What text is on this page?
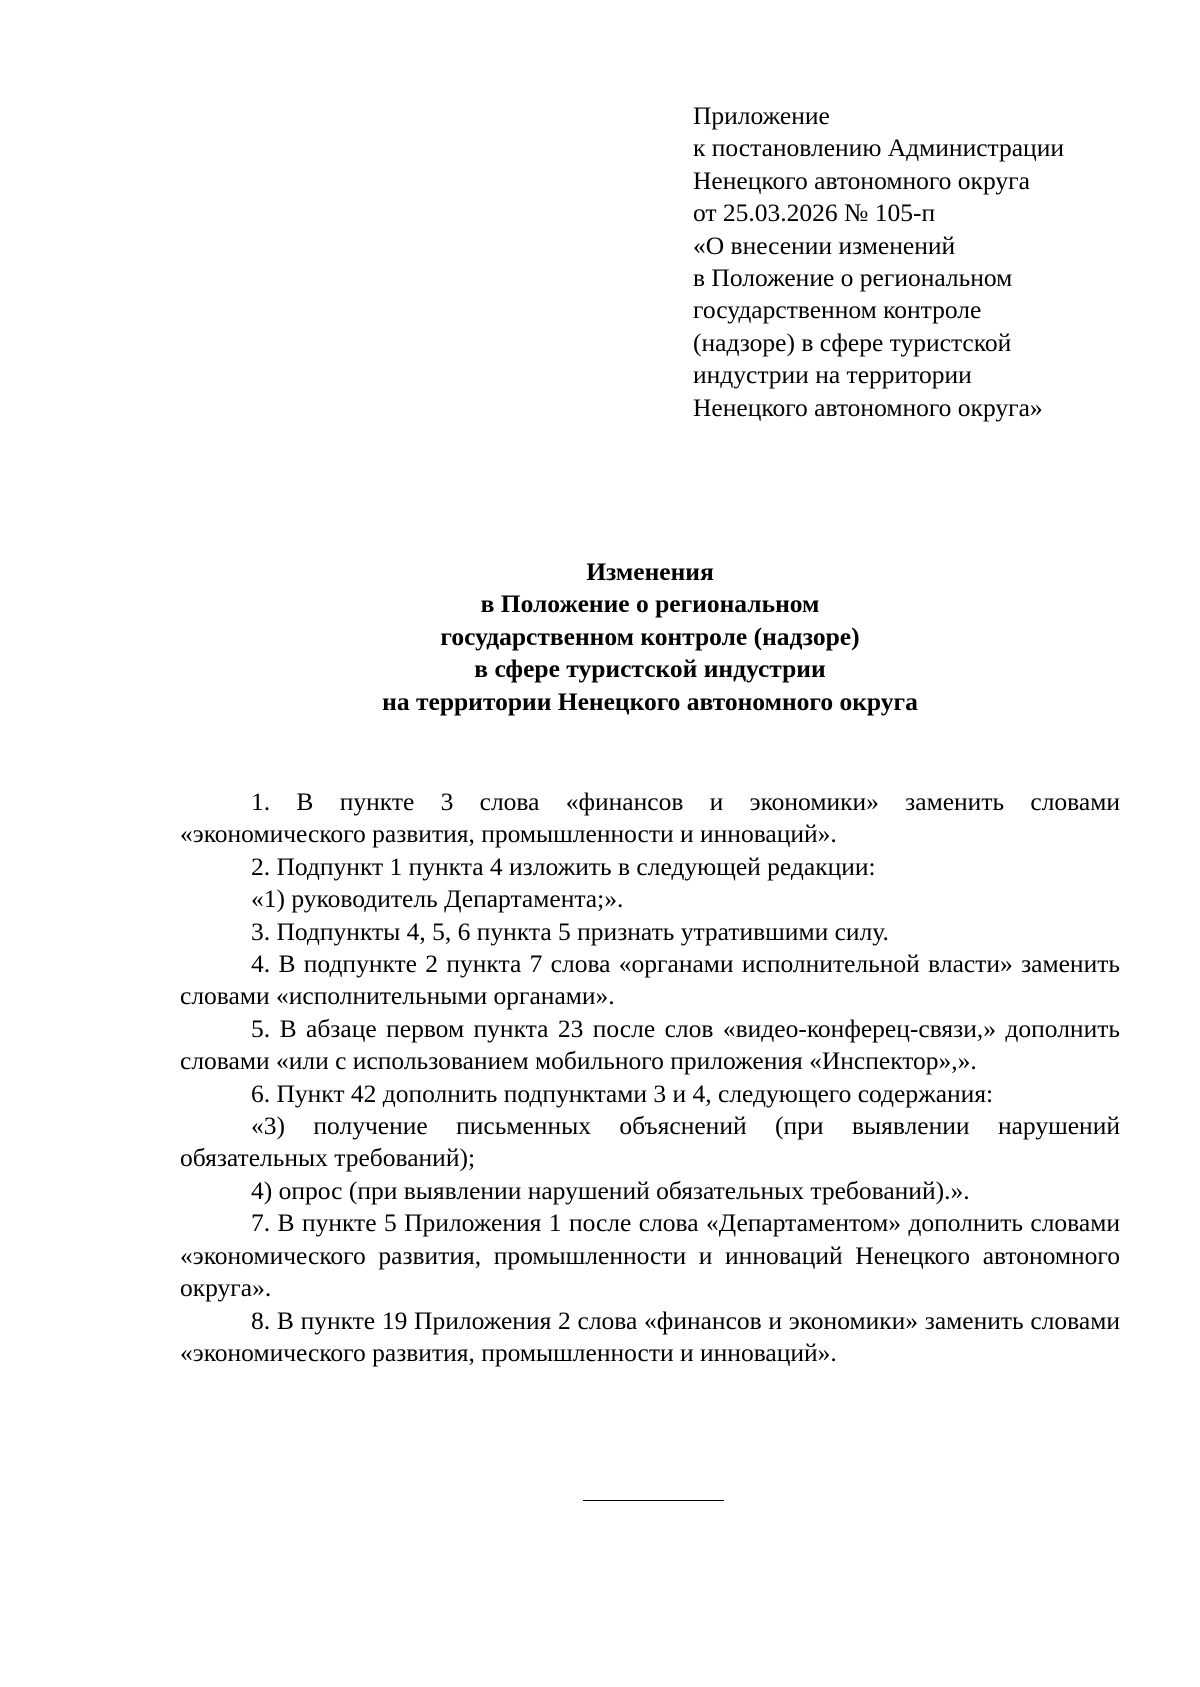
Приложение
к постановлению Администрации
Ненецкого автономного округа
от 25.03.2026 № 105-п
«О внесении изменений
в Положение о региональном
государственном контроле
(надзоре) в сфере туристской
индустрии на территории
Ненецкого автономного округа»
Изменения
в Положение о региональном
государственном контроле (надзоре)
в сфере туристской индустрии
на территории Ненецкого автономного округа

1. В пункте 3 слова «финансов и экономики» заменить словами «экономического развития, промышленности и инноваций».

2. Подпункт 1 пункта 4 изложить в следующей редакции:

«1) руководитель Департамента;».

3. Подпункты 4, 5, 6 пункта 5 признать утратившими силу.

4. В подпункте 2 пункта 7 слова «органами исполнительной власти» заменить словами «исполнительными органами».

5. В абзаце первом пункта 23 после слов «видео-конферец-связи,» дополнить словами «или с использованием мобильного приложения «Инспектор»,».

6. Пункт 42 дополнить подпунктами 3 и 4, следующего содержания:

«3) получение письменных объяснений (при выявлении нарушений обязательных требований);

4) опрос (при выявлении нарушений обязательных требований).».

7. В пункте 5 Приложения 1 после слова «Департаментом» дополнить словами «экономического развития, промышленности и инноваций Ненецкого автономного округа».

8. В пункте 19 Приложения 2 слова «финансов и экономики» заменить словами «экономического развития, промышленности и инноваций».
